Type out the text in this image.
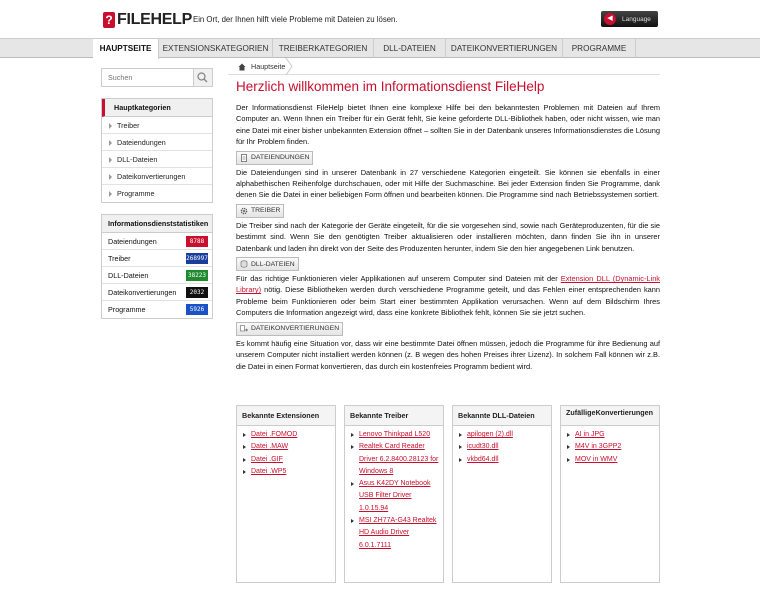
? FILEHELP Ein Ort, der Ihnen hilft viele Probleme mit Dateien zu lösen.	◀	Language
HAUPTSEITE	EXTENSIONSKATEGORIEN	TREIBERKATEGORIEN	DLL-DATEIEN	DATEIKONVERTIERUNGEN	PROGRAMME
Suchen
Hauptkategorien
Treiber
Dateiendungen
DLL-Dateien
Dateikonvertierungen
Programme
Informationsdienststatistiken
Dateiendungen	8788
Treiber	268997
DLL-Dateien	38223
Dateikonvertierungen	2032
Programme	5926
Hauptseite
Herzlich willkommen im Informationsdienst FileHelp
Der Informationsdienst FileHelp bietet Ihnen eine komplexe Hilfe bei den bekanntesten Problemen mit Dateien auf Ihrem Computer an. Wenn Ihnen ein Treiber für ein Gerät fehlt, Sie keine geforderte DLL-Bibliothek haben, oder nicht wissen, wie man eine Datei mit einer bisher unbekannten Extension öffnet – sollten Sie in der Datenbank unseres Informationsdienstes die Lösung für Ihr Problem finden.
DATEIENDUNGEN
Die Dateiendungen sind in unserer Datenbank in 27 verschiedene Kategorien eingeteilt. Sie können sie ebenfalls in einer alphabethischen Reihenfolge durchschauen, oder mit Hilfe der Suchmaschine. Bei jeder Extension finden Sie Programme, dank denen Sie die Datei in einer beliebigen Form öffnen und bearbeiten können. Die Programme sind nach Betriebssystemen sortiert.
TREIBER
Die Treiber sind nach der Kategorie der Geräte eingeteilt, für die sie vorgesehen sind, sowie nach Geräteproduzenten, für die sie bestimmt sind. Wenn Sie den genötigten Treiber aktualisieren oder installieren möchten, dann finden Sie ihn in unserer Datenbank und laden ihn direkt von der Seite des Produzenten herunter, indem Sie den hier angegebenen Link benutzen.
DLL-DATEIEN
Für das richtige Funktionieren vieler Applikationen auf unserem Computer sind Dateien mit der Extension DLL (Dynamic-Link Library) nötig. Diese Bibliotheken werden durch verschiedene Programme geteilt, und das Fehlen einer entsprechenden kann Probleme beim Funktionieren oder beim Start einer bestimmten Applikation verursachen. Wenn auf dem Bildschirm Ihres Computers die Information angezeigt wird, dass eine konkrete Bibliothek fehlt, können Sie sie jetzt suchen.
DATEIKONVERTIERUNGEN
Es kommt häufig eine Situation vor, dass wir eine bestimmte Datei öffnen müssen, jedoch die Programme für ihre Bedienung auf unserem Computer nicht installiert werden können (z. B wegen des hohen Preises ihrer Lizenz). In solchem Fall können wir z.B. die Datei in einen Format konvertieren, das durch ein kostenfreies Programm bedient wird.
Bekannte Extensionen
Datei .FOMOD
Datei .MAW
Datei .GIF
Datei .WP5
Bekannte Treiber
Lenovo Thinkpad L520
Realtek Card Reader Driver 6.2.8400.28123 for Windows 8
Asus K42DY Notebook USB Filter Driver 1.0.15.94
MSI ZH77A-G43 Realtek HD Audio Driver 6.0.1.7111
Bekannte DLL-Dateien
apilogen (2).dll
icudt30.dll
vkbd64.dll
ZufälligeKonvertierungen
AI in JPG
M4V in 3GPP2
MOV in WMV
